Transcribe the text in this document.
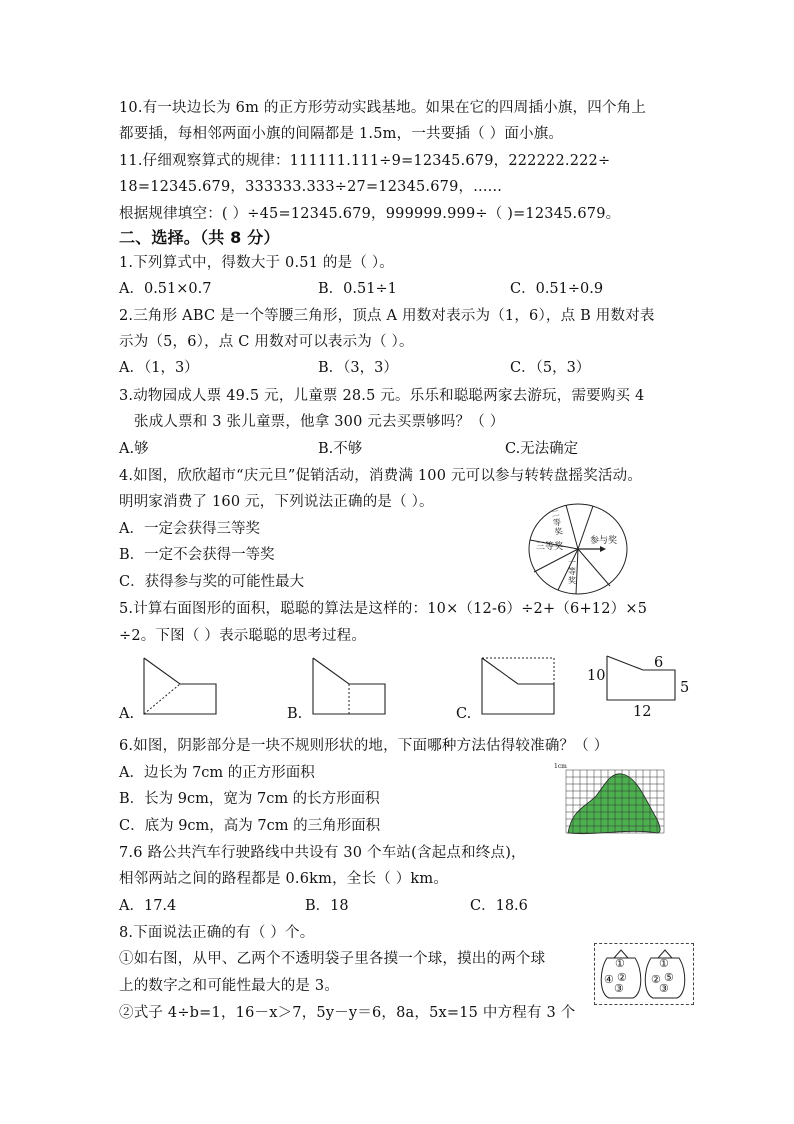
10.有一块边长为 6m 的正方形劳动实践基地。如果在它的四周插小旗，四个角上
都要插，每相邻两面小旗的间隔都是 1.5m，一共要插（ ）面小旗。
11.仔细观察算式的规律：111111.111÷9=12345.679，222222.222÷
18=12345.679，333333.333÷27=12345.679，......
根据规律填空：( ）÷45=12345.679，999999.999÷（ )=12345.679。
二、选择。（共 8 分）
1.下列算式中，得数大于 0.51 的是（ ）。
A．0.51×0.7	B．0.51÷1	C．0.51÷0.9
2.三角形 ABC 是一个等腰三角形，顶点 A 用数对表示为（1，6），点 B 用数对表
示为（5，6），点 C 用数对可以表示为（ ）。
A．（1，3）	B．（3，3）	C．（5，3）
3.动物园成人票 49.5 元，儿童票 28.5 元。乐乐和聪聪两家去游玩，需要购买 4
张成人票和 3 张儿童票，他拿 300 元去买票够吗？（ ）
A.够	B.不够	C.无法确定
4.如图，欣欣超市“庆元旦”促销活动，消费满 100 元可以参与转转盘摇奖活动。
明明家消费了 160 元，下列说法正确的是（ ）。
A．一定会获得三等奖
B．一定不会获得一等奖
C．获得参与奖的可能性最大
二等奖
三等奖
参与奖
一等奖
5.计算右面图形的面积，聪聪的算法是这样的：10×（12-6）÷2+（6+12）×5
÷2。下图（ ）表示聪聪的思考过程。
A.	B.	C.
10
6
5
12
6.如图，阴影部分是一块不规则形状的地，下面哪种方法估得较准确？（ ）
A．边长为 7cm 的正方形面积
B．长为 9cm，宽为 7cm 的长方形面积
C．底为 9cm，高为 7cm 的三角形面积
1cm
7.6 路公共汽车行驶路线中共设有 30 个车站(含起点和终点)，
相邻两站之间的路程都是 0.6km，全长（ ）km。
A．17.4	B．18	C．18.6
8.下面说法正确的有（ ）个。
①如右图，从甲、乙两个不透明袋子里各摸一个球，摸出的两个球
上的数字之和可能性最大的是 3。
②式子 4÷b=1，16－x＞7，5y－y＝6，8a，5x=15 中方程有 3 个
①
④ ②
③
①
② ⑤
③
